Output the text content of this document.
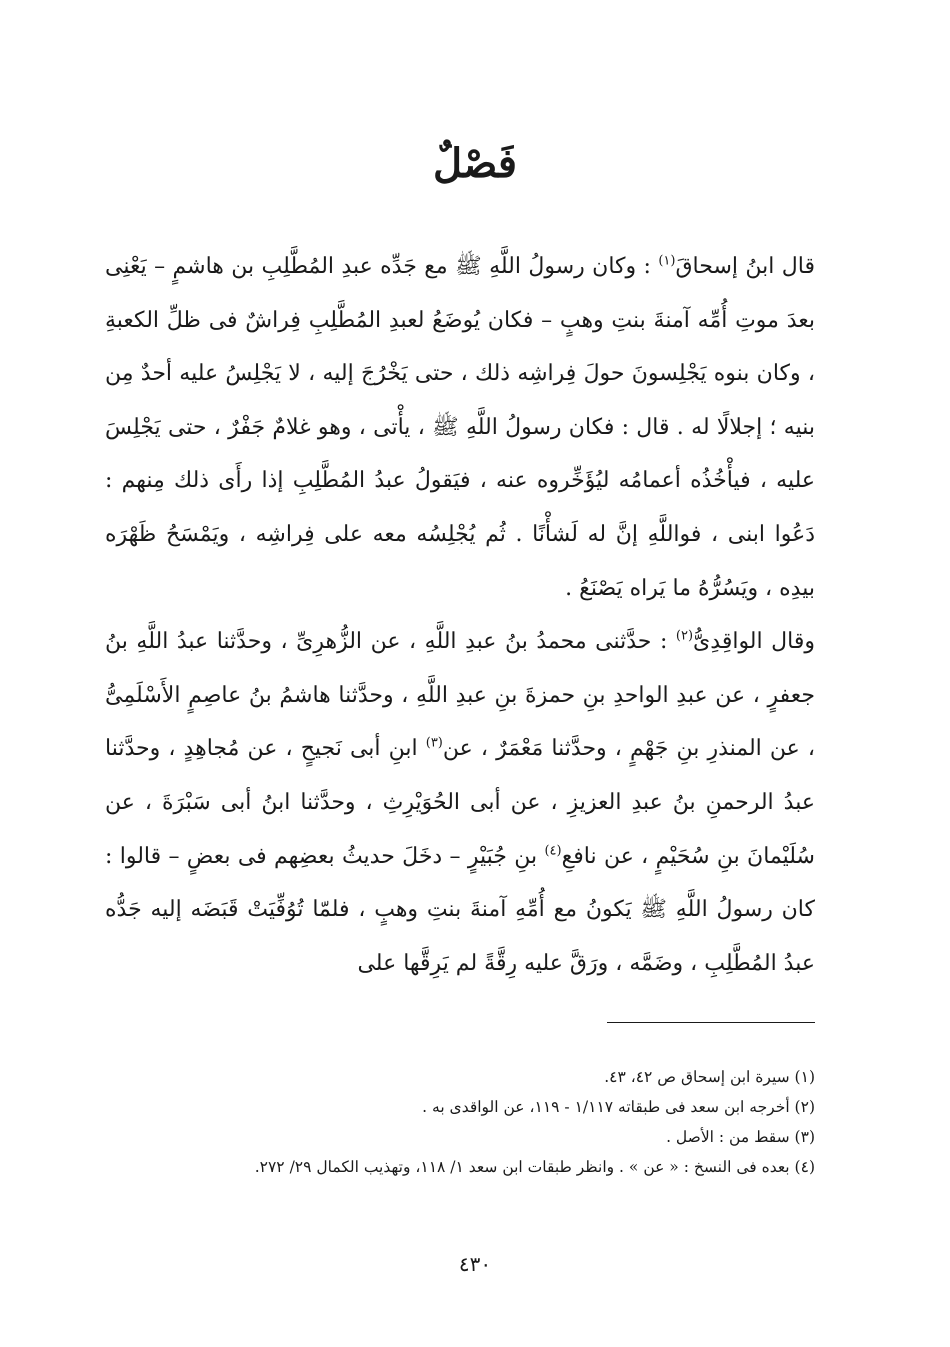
فَصْلٌ

قال ابنُ إسحاقَ$^{(١)}$ : وكان رسولُ اللَّهِ ﷺ مع جَدِّه عبدِ المُطَّلِبِ بن هاشمٍ – يَعْنِى بعدَ موتِ أُمِّه آمنةَ بنتِ وهبٍ – فكان يُوضَعُ لعبدِ المُطَّلِبِ فِراشٌ فى ظلِّ الكعبةِ ، وكان بنوه يَجْلِسونَ حولَ فِراشِه ذلك ، حتى يَخْرُجَ إليه ، لا يَجْلِسُ عليه أحدٌ مِن بنيه ؛ إجلالًا له . قال : فكان رسولُ اللَّهِ ﷺ ، يأْتى ، وهو غلامٌ جَفْرٌ ، حتى يَجْلِسَ عليه ، فيأْخُذُه أعمامُه ليُؤَخِّروه عنه ، فيَقولُ عبدُ المُطَّلِبِ إذا رأَى ذلك مِنهم : دَعُوا ابنى ، فواللَّهِ إنَّ له لَشأْنًا . ثُم يُجْلِسُه معه على فِراشِه ، ويَمْسَحُ ظَهْرَه بيدِه ، ويَسُرُّهُ ما يَراه يَصْنَعُ .

وقال الواقِدِىُّ$^{(٢)}$ : حدَّثنى محمدُ بنُ عبدِ اللَّهِ ، عن الزُّهرِىِّ ، وحدَّثنا عبدُ اللَّهِ بنُ جعفرٍ ، عن عبدِ الواحدِ بنِ حمزةَ بنِ عبدِ اللَّهِ ، وحدَّثنا هاشمُ بنُ عاصِمٍ الأَسْلَمِىُّ ، عن المنذرِ بنِ جَهْمٍ ، وحدَّثنا مَعْمَرٌ ، عن$^{(٣)}$ ابنِ أبى نَجيحٍ ، عن مُجاهِدٍ ، وحدَّثنا عبدُ الرحمنِ بنُ عبدِ العزيزِ ، عن أبى الحُوَيْرِثِ ، وحدَّثنا ابنُ أبى سَبْرَةَ ، عن سُلَيْمانَ بنِ سُحَيْمٍ ، عن نافعِ$^{(٤)}$ بنِ جُبَيْرٍ – دخَلَ حديثُ بعضِهم فى بعضٍ – قالوا : كان رسولُ اللَّهِ ﷺ يَكونُ مع أُمِّهِ آمنةَ بنتِ وهبٍ ، فلمّا تُوُفِّيَتْ قَبَضَه إليه جَدُّه عبدُ المُطَّلِبِ ، وضَمَّه ، ورَقَّ عليه رِقَّةً لم يَرِقَّها على

(١) سيرة ابن إسحاق ص ٤٢، ٤٣.

(٢) أخرجه ابن سعد فى طبقاته ١/١١٧ - ١١٩، عن الواقدى به .

(٣) سقط من : الأصل .

(٤) بعده فى النسخ : « عن » . وانظر طبقات ابن سعد ١/ ١١٨، وتهذيب الكمال ٢٩/ ٢٧٢.

٤٣٠
